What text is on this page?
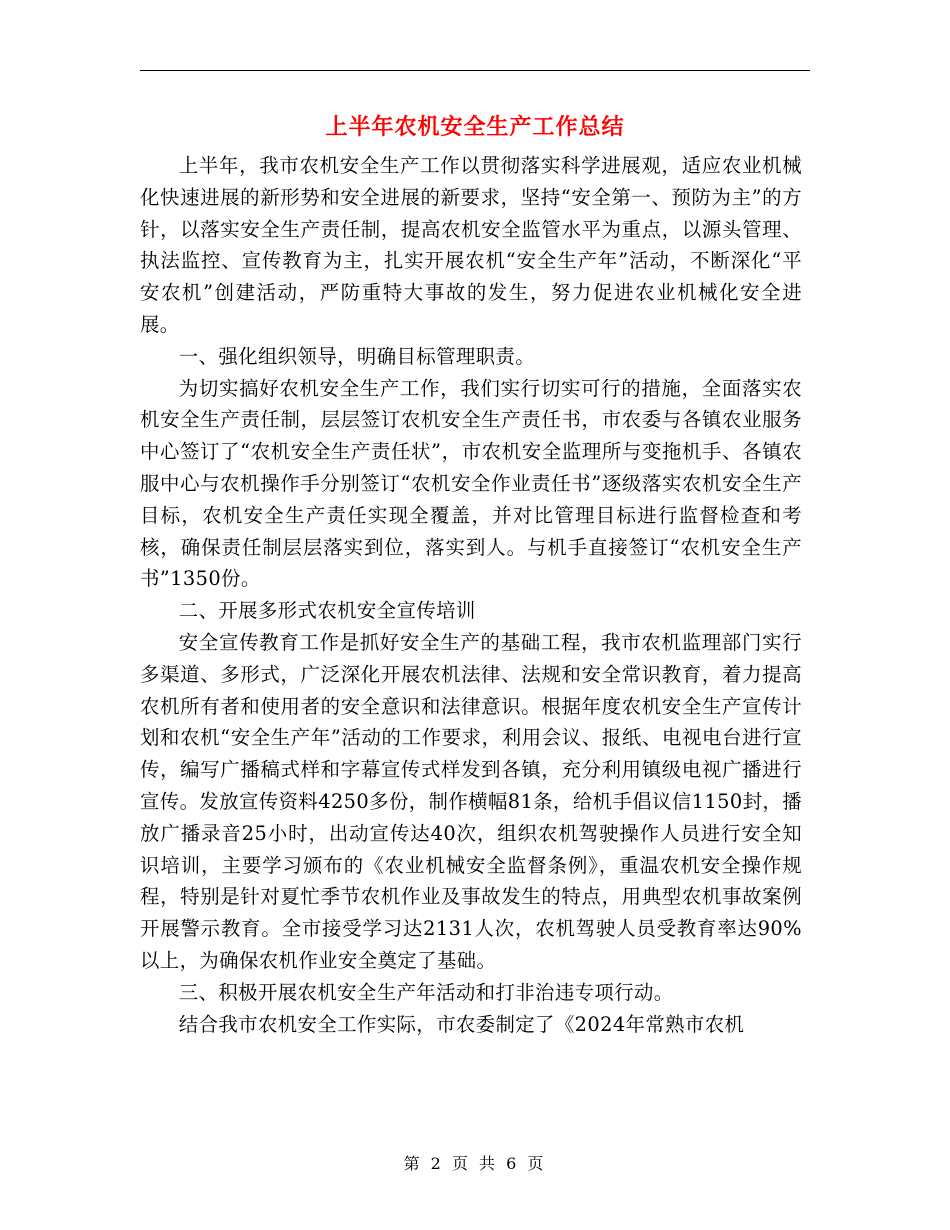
上半年农机安全生产工作总结

上半年，我市农机安全生产工作以贯彻落实科学进展观，适应农业机械化快速进展的新形势和安全进展的新要求，坚持“安全第一、预防为主”的方针，以落实安全生产责任制，提高农机安全监管水平为重点，以源头管理、执法监控、宣传教育为主，扎实开展农机“安全生产年”活动，不断深化“平安农机”创建活动，严防重特大事故的发生，努力促进农业机械化安全进展。

一、强化组织领导，明确目标管理职责。

为切实搞好农机安全生产工作，我们实行切实可行的措施，全面落实农机安全生产责任制，层层签订农机安全生产责任书，市农委与各镇农业服务中心签订了“农机安全生产责任状”，市农机安全监理所与变拖机手、各镇农服中心与农机操作手分别签订“农机安全作业责任书”逐级落实农机安全生产目标，农机安全生产责任实现全覆盖，并对比管理目标进行监督检查和考核，确保责任制层层落实到位，落实到人。与机手直接签订“农机安全生产书”1350份。

二、开展多形式农机安全宣传培训

安全宣传教育工作是抓好安全生产的基础工程，我市农机监理部门实行多渠道、多形式，广泛深化开展农机法律、法规和安全常识教育，着力提高农机所有者和使用者的安全意识和法律意识。根据年度农机安全生产宣传计划和农机“安全生产年”活动的工作要求，利用会议、报纸、电视电台进行宣传，编写广播稿式样和字幕宣传式样发到各镇，充分利用镇级电视广播进行宣传。发放宣传资料4250多份，制作横幅81条，给机手倡议信1150封，播放广播录音25小时，出动宣传达40次，组织农机驾驶操作人员进行安全知识培训，主要学习颁布的《农业机械安全监督条例》，重温农机安全操作规程，特别是针对夏忙季节农机作业及事故发生的特点，用典型农机事故案例开展警示教育。全市接受学习达2131人次，农机驾驶人员受教育率达90%以上，为确保农机作业安全奠定了基础。

三、积极开展农机安全生产年活动和打非治违专项行动。

结合我市农机安全工作实际，市农委制定了《2024年常熟市农机

第 2 页 共 6 页
